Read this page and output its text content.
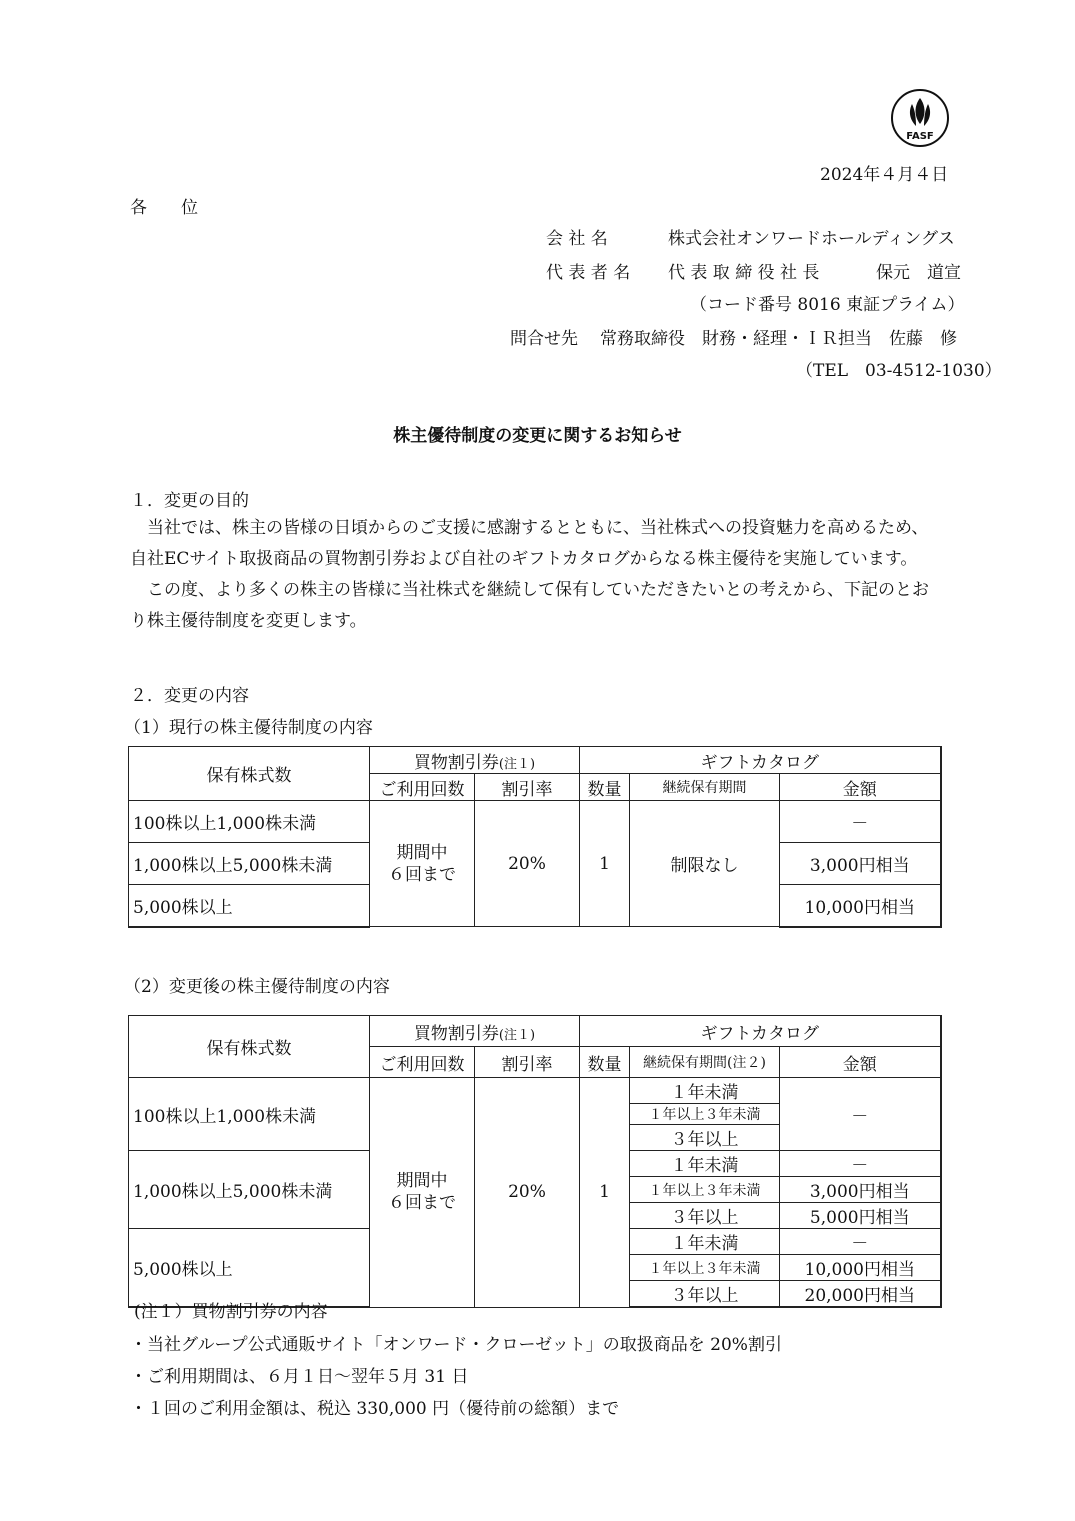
FASF
2024年４月４日
各　　位
会 社 名	株式会社オンワードホールディングス
代 表 者 名 代 表 取 締 役 社 長	保元　道宣
（コード番号 8016 東証プライム）
問合せ先 常務取締役　財務・経理・ＩＲ担当　佐藤　修
（TEL　03-4512-1030）
株主優待制度の変更に関するお知らせ
１．変更の目的
当社では、株主の皆様の日頃からのご支援に感謝するとともに、当社株式への投資魅力を高めるため、
自社ECサイト取扱商品の買物割引券および自社のギフトカタログからなる株主優待を実施しています。
この度、より多くの株主の皆様に当社株式を継続して保有していただきたいとの考えから、下記のとお
り株主優待制度を変更します。
２．変更の内容
（1）現行の株主優待制度の内容
保有株式数	買物割引券(注１)		ギフトカタログ		
	ご利用回数	割引率	数量	継続保有期間	金額
100株以上1,000株未満	期間中
６回まで	20%	1	制限なし	－
1,000株以上5,000株未満					3,000円相当
5,000株以上					10,000円相当
（2）変更後の株主優待制度の内容
保有株式数	買物割引券(注１)		ギフトカタログ		
	ご利用回数	割引率	数量	継続保有期間(注２)	金額
100株以上1,000株未満	期間中
６回まで	20%	1	１年未満	－
				１年以上３年未満	
				３年以上	
1,000株以上5,000株未満				１年未満	－
				１年以上３年未満	3,000円相当
				３年以上	5,000円相当
5,000株以上				１年未満	－
				１年以上３年未満	10,000円相当
				３年以上	20,000円相当
(注１）買物割引券の内容
・当社グループ公式通販サイト「オンワード・クローゼット」の取扱商品を 20%割引
・ご利用期間は、６月１日～翌年５月 31 日
・１回のご利用金額は、税込 330,000 円（優待前の総額）まで
